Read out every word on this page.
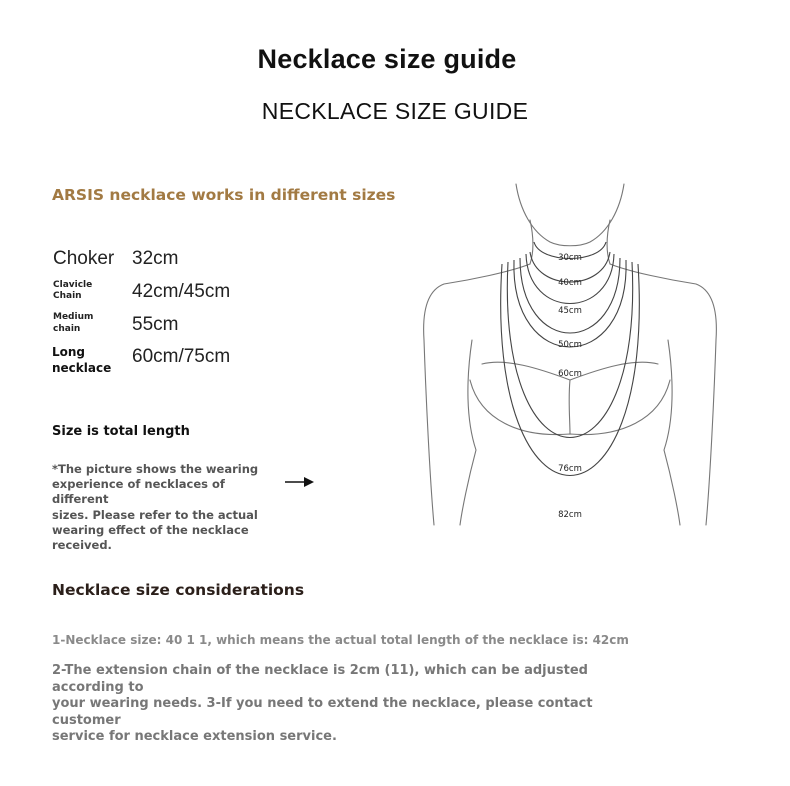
Necklace size guide
NECKLACE SIZE GUIDE
ARSIS necklace works in different sizes
Choker 32cm
Clavicle
Chain	42cm/45cm
Medium
chain	55cm
Long
necklace
60cm/75cm
Size is total length
*The picture shows the wearing
experience of necklaces of different
sizes. Please refer to the actual
wearing effect of the necklace
received.
30cm
40cm
45cm
50cm
60cm
76cm
82cm
Necklace size considerations
1-Necklace size: 40 1 1, which means the actual total length of the necklace is: 42cm
2-The extension chain of the necklace is 2cm (11), which can be adjusted according to
your wearing needs. 3-If you need to extend the necklace, please contact customer
service for necklace extension service.
